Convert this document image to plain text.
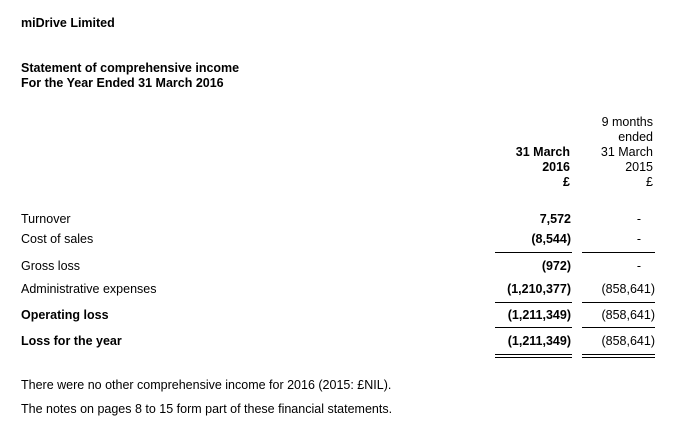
miDrive Limited
Statement of comprehensive income
For the Year Ended 31 March 2016
31 March
2016
£
9 months
ended
31 March
2015
£
Turnover	7,572	-
Cost of sales	(8,544)	-
Gross loss	(972)	-
Administrative expenses	(1,210,377)	(858,641)
Operating loss	(1,211,349)	(858,641)
Loss for the year	(1,211,349)	(858,641)
There were no other comprehensive income for 2016 (2015: £NIL).
The notes on pages 8 to 15 form part of these financial statements.
